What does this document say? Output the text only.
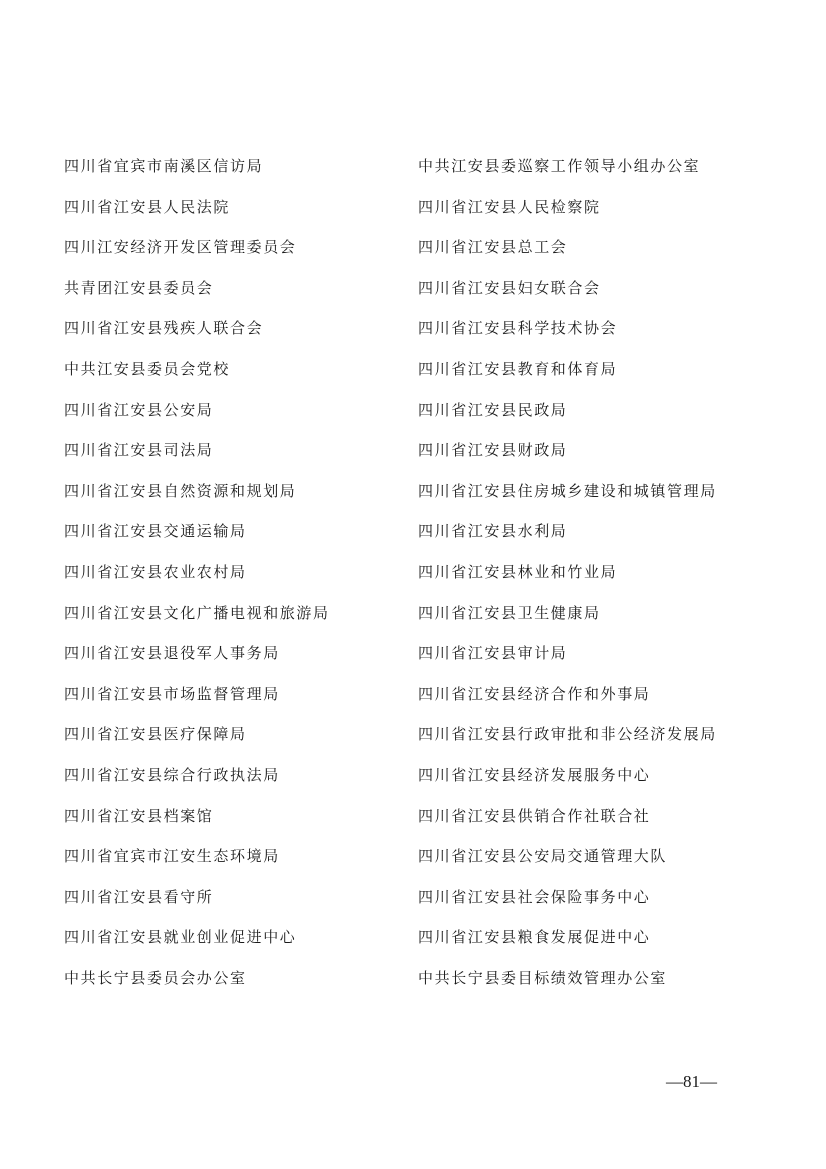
四川省宜宾市南溪区信访局
四川省江安县人民法院
四川江安经济开发区管理委员会
共青团江安县委员会
四川省江安县残疾人联合会
中共江安县委员会党校
四川省江安县公安局
四川省江安县司法局
四川省江安县自然资源和规划局
四川省江安县交通运输局
四川省江安县农业农村局
四川省江安县文化广播电视和旅游局
四川省江安县退役军人事务局
四川省江安县市场监督管理局
四川省江安县医疗保障局
四川省江安县综合行政执法局
四川省江安县档案馆
四川省宜宾市江安生态环境局
四川省江安县看守所
四川省江安县就业创业促进中心
中共长宁县委员会办公室
中共江安县委巡察工作领导小组办公室
四川省江安县人民检察院
四川省江安县总工会
四川省江安县妇女联合会
四川省江安县科学技术协会
四川省江安县教育和体育局
四川省江安县民政局
四川省江安县财政局
四川省江安县住房城乡建设和城镇管理局
四川省江安县水利局
四川省江安县林业和竹业局
四川省江安县卫生健康局
四川省江安县审计局
四川省江安县经济合作和外事局
四川省江安县行政审批和非公经济发展局
四川省江安县经济发展服务中心
四川省江安县供销合作社联合社
四川省江安县公安局交通管理大队
四川省江安县社会保险事务中心
四川省江安县粮食发展促进中心
中共长宁县委目标绩效管理办公室
—81—
